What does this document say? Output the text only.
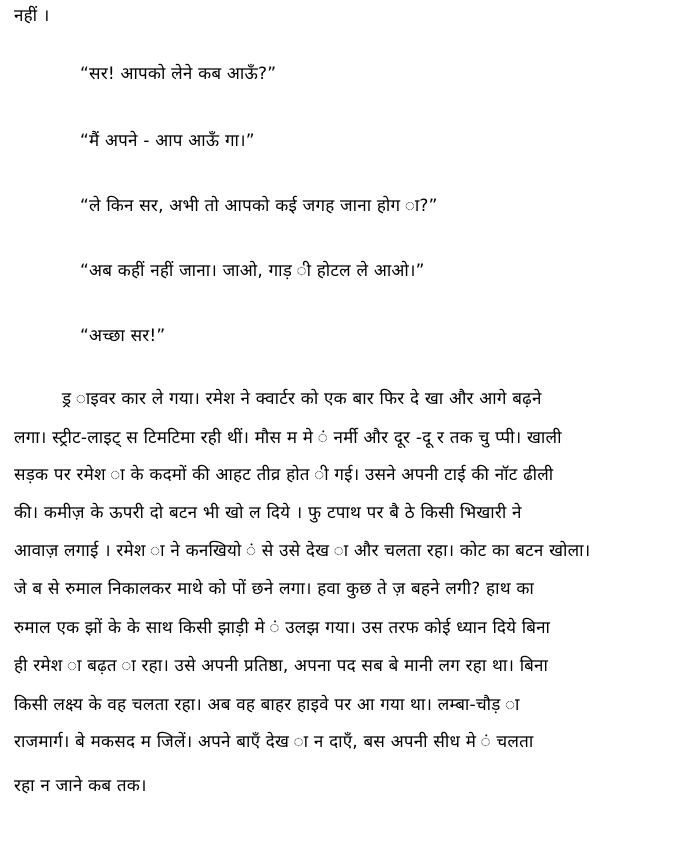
नहीं ।
“सर! आपको लेने कब आऊँ?”
“मैं अपने - आप आऊँ गा।”
“ले किन सर, अभी तो आपको कई जगह जाना होग ा?”
“अब कहीं नहीं जाना। जाओ, गाड़ ी होटल ले आओ।”
“अच्छा सर!”
ड्र ाइवर कार ले गया। रमेश ने क्वार्टर को एक बार फिर दे खा और आगे बढ़ने
लगा। स्ट्रीट-लाइट् स टिमटिमा रही थीं। मौस म मे ं नर्मी और दूर -दू र तक चु प्पी। खाली
सड़क पर रमेश ा के कदमों की आहट तीव्र होत ी गई। उसने अपनी टाई की नॉट ढीली
की। कमीज़ के ऊपरी दो बटन भी खो ल दिये । फु टपाथ पर बै ठे किसी भिखारी ने
आवाज़ लगाई । रमेश ा ने कनखियो ं से उसे देख ा और चलता रहा। कोट का बटन खोला।
जे ब से रुमाल निकालकर माथे को पों छने लगा। हवा कुछ ते ज़ बहने लगी? हाथ का
रुमाल एक झों के के साथ किसी झाड़ी मे ं उलझ गया। उस तरफ कोई ध्यान दिये बिना
ही रमेश ा बढ़त ा रहा। उसे अपनी प्रतिष्ठा, अपना पद सब बे मानी लग रहा था। बिना
किसी लक्ष्य के वह चलता रहा। अब वह बाहर हाइवे पर आ गया था। लम्बा-चौड़ ा
राजमार्ग। बे मकसद म जिलें। अपने बाएँ देख ा न दाएँ, बस अपनी सीध मे ं चलता
रहा न जाने कब तक।
